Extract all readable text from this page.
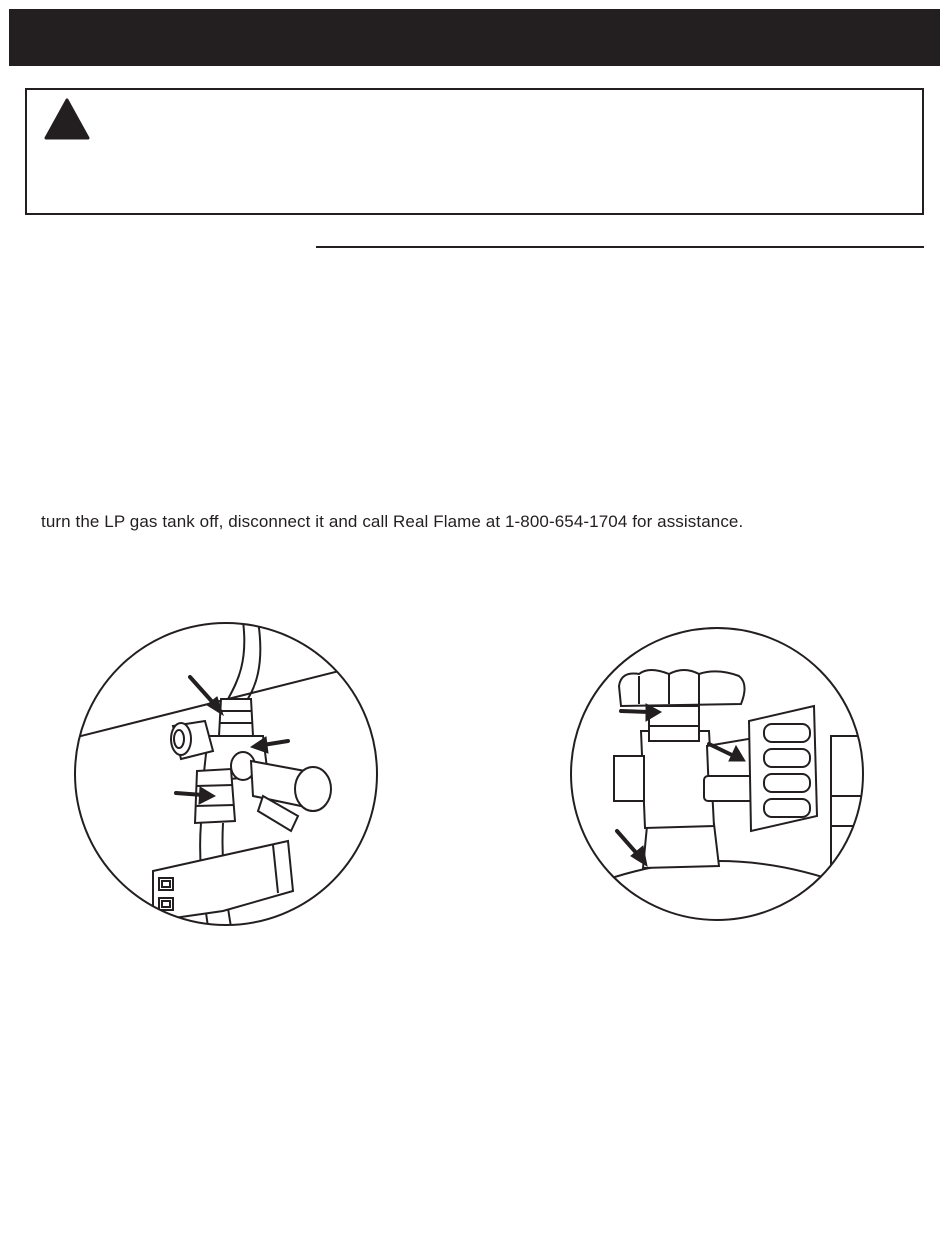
turn the LP gas tank off, disconnect it and call Real Flame at 1-800-654-1704 for assistance.
